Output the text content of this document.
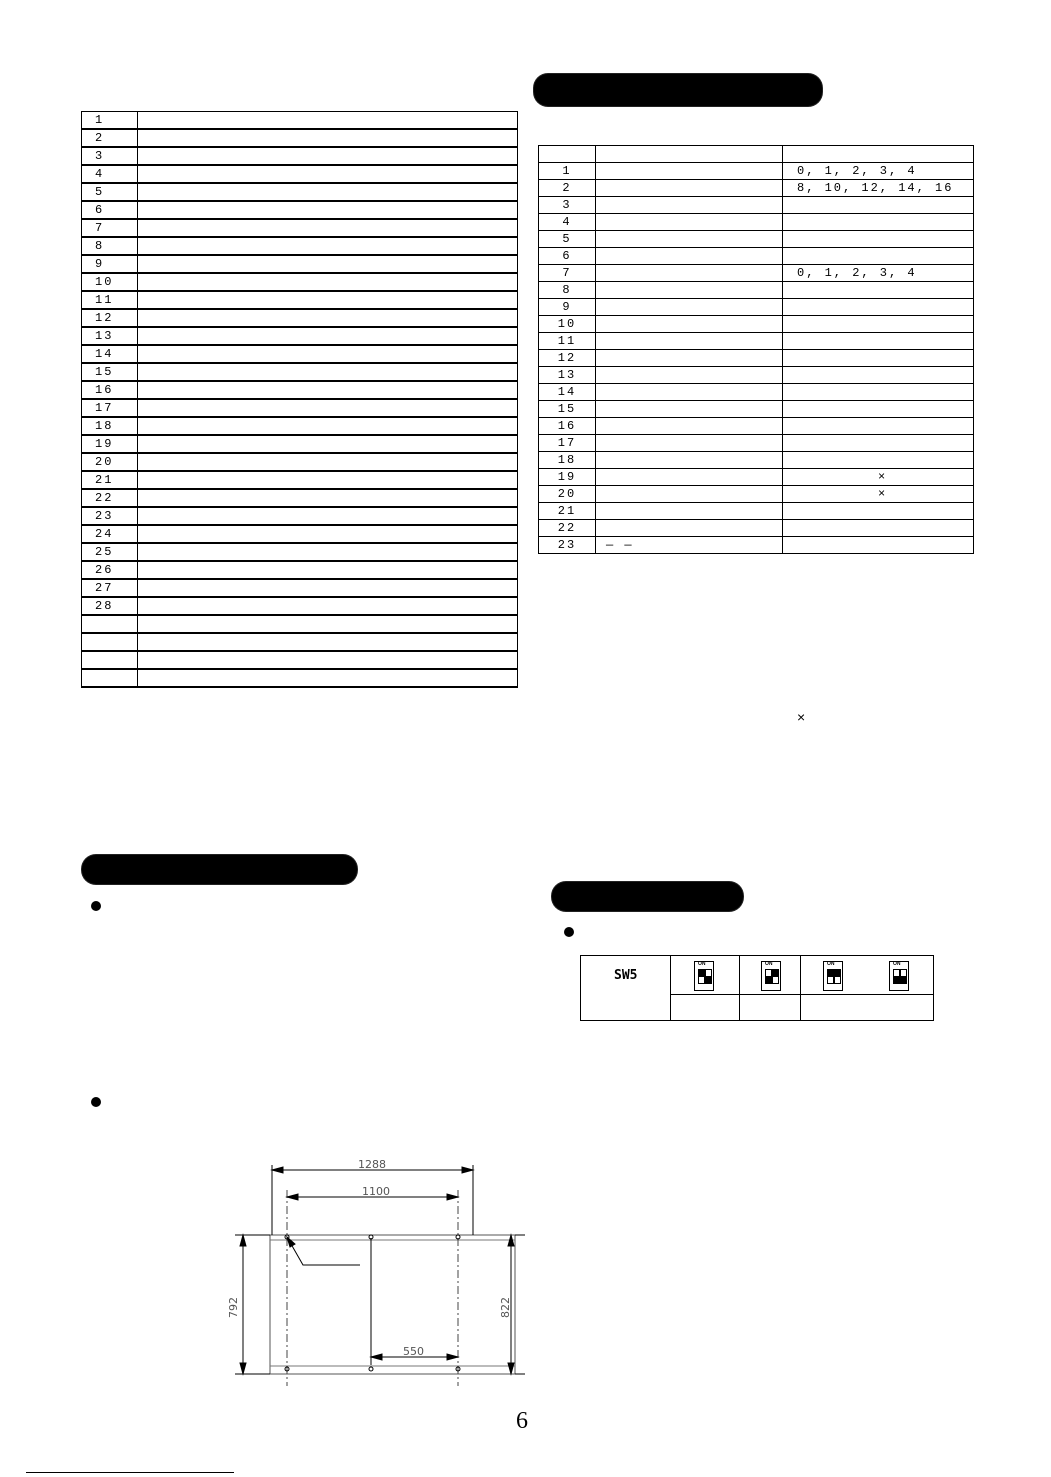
1	
2	
3	
4	
5	
6	
7	
8	
9	
10	
11	
12	
13	
14	
15	
16	
17	
18	
19	
20	
21	
22	
23	
24	
25	
26	
27	
28	

1		0, 1, 2, 3, 4
2		8, 10, 12, 14, 16
3		
4		
5		
6		
7		0, 1, 2, 3, 4
8		
9		
10		
11		
12		
13		
14		
15		
16		
17		
18		
19		×
20		×
21		
22		
23	— —	
×
SW5
ON	ON	ON	ON
1288
1100
550
792	822
6
